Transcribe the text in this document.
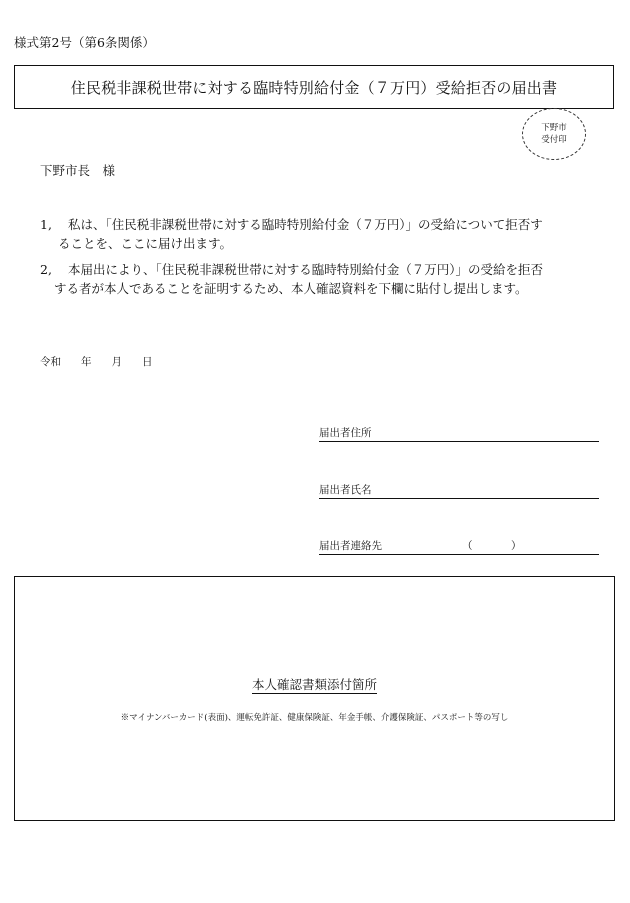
様式第2号（第6条関係）
住民税非課税世帯に対する臨時特別給付金（７万円）受給拒否の届出書
下野市
受付印
下野市長　様
1, 私は、「住民税非課税世帯に対する臨時特別給付金（７万円）」の受給について拒否す
ることを、ここに届け出ます。
2, 本届出により、「住民税非課税世帯に対する臨時特別給付金（７万円）」の受給を拒否
する者が本人であることを証明するため、本人確認資料を下欄に貼付し提出します。
令和 年 月 日
届出者住所
届出者氏名
届出者連絡先	（	）
本人確認書類添付箇所
※マイナンバーカード(表面)、運転免許証、健康保険証、年金手帳、介護保険証、パスポート等の写し
